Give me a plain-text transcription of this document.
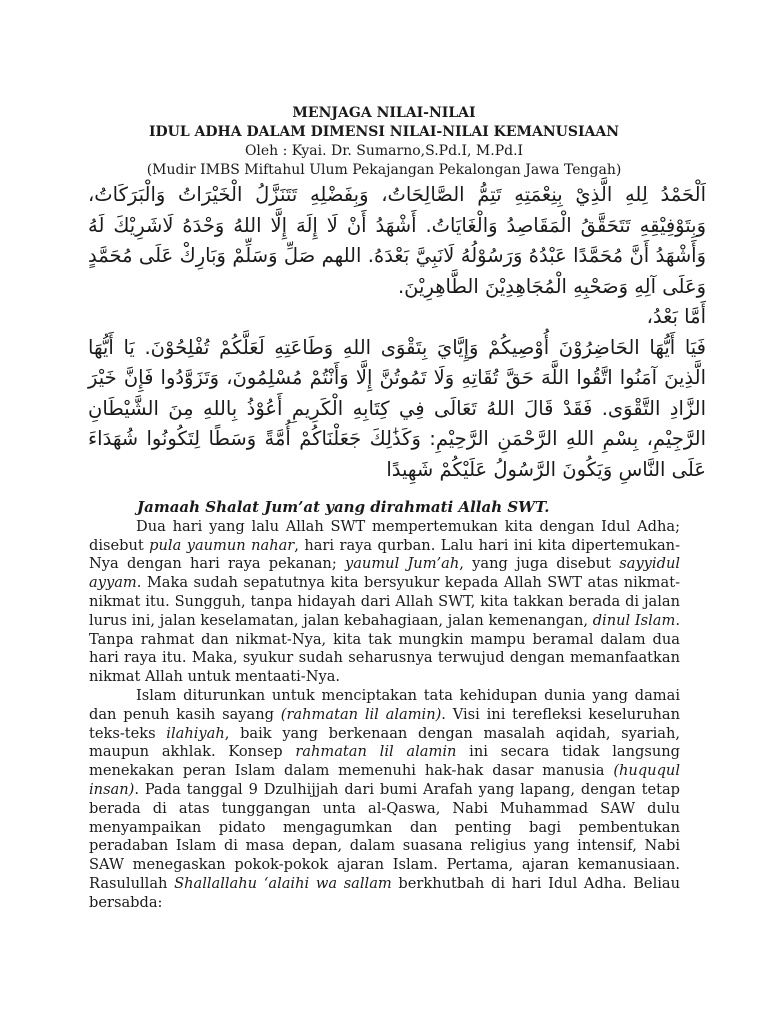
MENJAGA NILAI-NILAI
IDUL ADHA DALAM DIMENSI NILAI-NILAI KEMANUSIAAN
Oleh : Kyai. Dr. Sumarno,S.Pd.I, M.Pd.I
(Mudir IMBS Miftahul Ulum Pekajangan Pekalongan Jawa Tengah)

اَلْحَمْدُ لِلهِ الَّذِيْ بِنِعْمَتِهِ تَتِمُّ الصَّالِحَاتُ، وَبِفَضْلِهِ تَتَنَزَّلُ الْخَيْرَاتُ وَالْبَرَكَاتُ، وَبِتَوْفِيْقِهِ تَتَحَقَّقُ الْمَقَاصِدُ وَالْغَايَاتُ. أَشْهَدُ أَنْ لَا إِلَهَ إِلَّا اللهُ وَحْدَهُ لَاشَرِيْكَ لَهُ وَأَشْهَدُ أَنَّ مُحَمَّدًا عَبْدُهُ وَرَسُوْلُهُ لَانَبِيَّ بَعْدَهُ. اللهم صَلِّ وَسَلِّمْ وَبَارِكْ عَلَى مُحَمَّدٍ وَعَلَى آلِهِ وَصَحْبِهِ الْمُجَاهِدِيْنَ الطَّاهِرِيْنَ.

أَمَّا بَعْدُ،

فَيَا أَيُّهَا الحَاضِرُوْنَ أُوْصِيكُمْ وَإِيَّايَ بِتَقْوَى اللهِ وَطَاعَتِهِ لَعَلَّكُمْ تُفْلِحُوْنَ. يَا أَيُّهَا الَّذِينَ آمَنُوا اتَّقُوا اللَّهَ حَقَّ تُقَاتِهِ وَلَا تَمُوتُنَّ إِلَّا وَأَنْتُمْ مُسْلِمُونَ، وَتَزَوَّدُوا فَإِنَّ خَيْرَ الزَّادِ التَّقْوَى. فَقَدْ قَالَ اللهُ تَعَالَى فِي كِتَابِهِ الْكَرِيمِ أَعُوْذُ بِاللهِ مِنَ الشَّيْطَانِ الرَّجِيْمِ، بِسْمِ اللهِ الرَّحْمَنِ الرَّحِيْمِ: وَكَذَٰلِكَ جَعَلْنَاكُمْ أُمَّةً وَسَطًا لِتَكُونُوا شُهَدَاءَ عَلَى النَّاسِ وَيَكُونَ الرَّسُولُ عَلَيْكُمْ شَهِيدًا

Jamaah Shalat Jum’at yang dirahmati Allah SWT.

Dua hari yang lalu Allah SWT mempertemukan kita dengan Idul Adha; disebut pula yaumun nahar, hari raya qurban. Lalu hari ini kita dipertemukan-Nya dengan hari raya pekanan; yaumul Jum’ah, yang juga disebut sayyidul ayyam. Maka sudah sepatutnya kita bersyukur kepada Allah SWT atas nikmat-nikmat itu. Sungguh, tanpa hidayah dari Allah SWT, kita takkan berada di jalan lurus ini, jalan keselamatan, jalan kebahagiaan, jalan kemenangan, dinul Islam. Tanpa rahmat dan nikmat-Nya, kita tak mungkin mampu beramal dalam dua hari raya itu. Maka, syukur sudah seharusnya terwujud dengan memanfaatkan nikmat Allah untuk mentaati-Nya.

Islam diturunkan untuk menciptakan tata kehidupan dunia yang damai dan penuh kasih sayang (rahmatan lil alamin). Visi ini terefleksi keseluruhan teks-teks ilahiyah, baik yang berkenaan dengan masalah aqidah, syariah, maupun akhlak. Konsep rahmatan lil alamin ini secara tidak langsung menekakan peran Islam dalam memenuhi hak-hak dasar manusia (huququl insan). Pada tanggal 9 Dzulhijjah dari bumi Arafah yang lapang, dengan tetap berada di atas tunggangan unta al-Qaswa, Nabi Muhammad SAW dulu menyampaikan pidato mengagumkan dan penting bagi pembentukan peradaban Islam di masa depan, dalam suasana religius yang intensif, Nabi SAW menegaskan pokok-pokok ajaran Islam. Pertama, ajaran kemanusiaan. Rasulullah Shallallahu ‘alaihi wa sallam berkhutbah di hari Idul Adha. Beliau bersabda:
